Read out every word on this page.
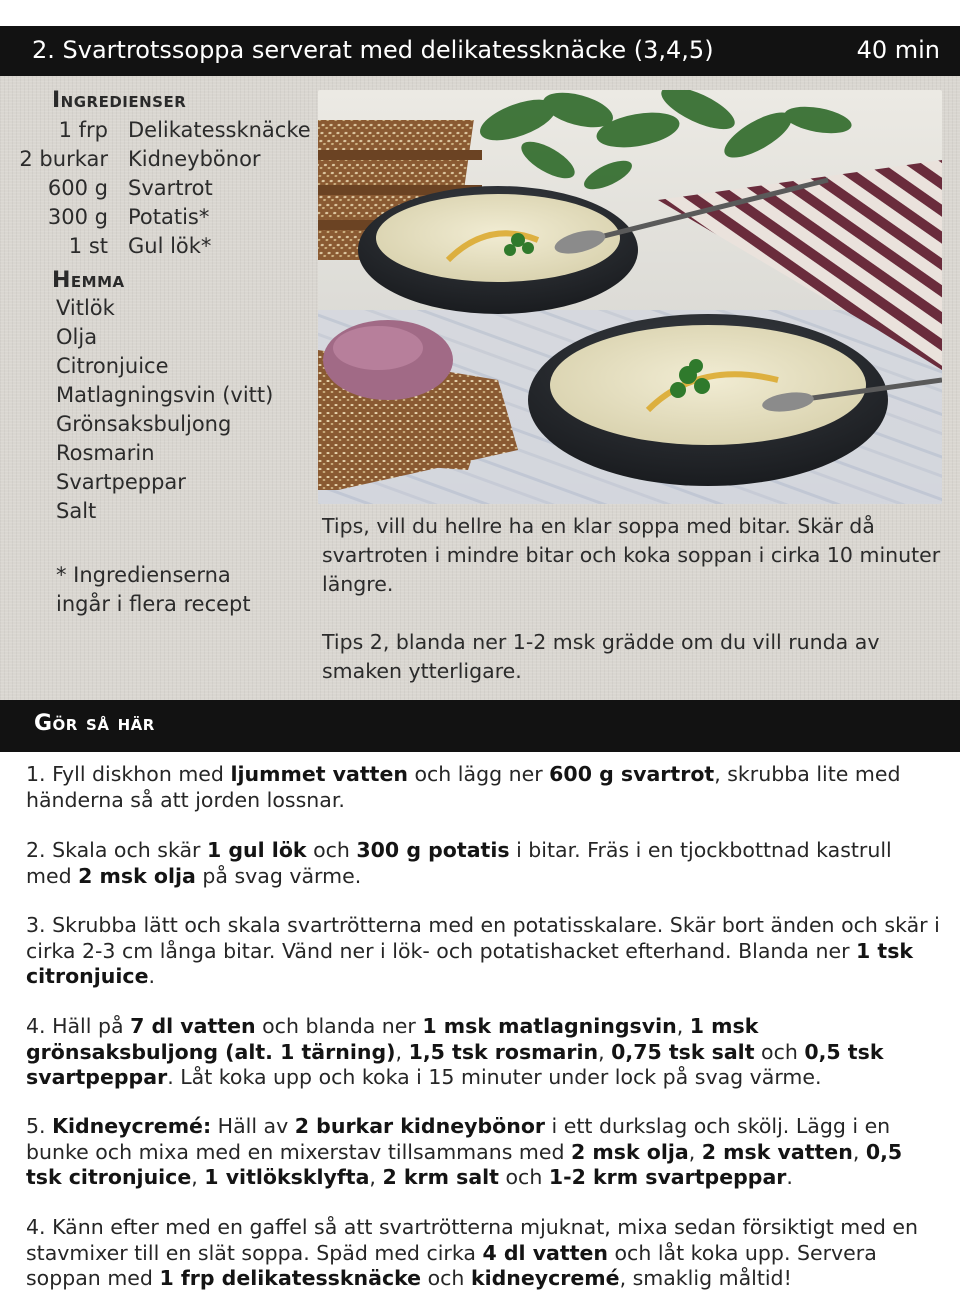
2. Svartrotssoppa serverat med delikatessknäcke (3,4,5)	40 min
Ingredienser
1 frp Delikatessknäcke
2 burkar Kidneybönor
600 g Svartrot
300 g Potatis*
1 st Gul lök*
Hemma
Vitlök
Olja
Citronjuice
Matlagningsvin (vitt)
Grönsaksbuljong
Rosmarin
Svartpeppar
Salt
* Ingredienserna
ingår i flera recept

Tips, vill du hellre ha en klar soppa med bitar. Skär då svartroten i mindre bitar och koka soppan i cirka 10 minuter längre.

Tips 2, blanda ner 1-2 msk grädde om du vill runda av smaken ytterligare.

Gör så här
1. Fyll diskhon med ljummet vatten och lägg ner 600 g svartrot, skrubba lite med händerna så att jorden lossnar.
2. Skala och skär 1 gul lök och 300 g potatis i bitar. Fräs i en tjockbottnad kastrull med 2 msk olja på svag värme.
3. Skrubba lätt och skala svartrötterna med en potatisskalare. Skär bort änden och skär i cirka 2-3 cm långa bitar. Vänd ner i lök- och potatishacket efterhand. Blanda ner 1 tsk citronjuice.
4. Häll på 7 dl vatten och blanda ner 1 msk matlagningsvin, 1 msk grönsaksbuljong (alt. 1 tärning), 1,5 tsk rosmarin, 0,75 tsk salt och 0,5 tsk svartpeppar. Låt koka upp och koka i 15 minuter under lock på svag värme.
5. Kidneycremé: Häll av 2 burkar kidneybönor i ett durkslag och skölj. Lägg i en bunke och mixa med en mixerstav tillsammans med 2 msk olja, 2 msk vatten, 0,5 tsk citronjuice, 1 vitlöksklyfta, 2 krm salt och 1-2 krm svartpeppar.
4. Känn efter med en gaffel så att svartrötterna mjuknat, mixa sedan försiktigt med en stavmixer till en slät soppa. Späd med cirka 4 dl vatten och låt koka upp. Servera soppan med 1 frp delikatessknäcke och kidneycremé, smaklig måltid!
